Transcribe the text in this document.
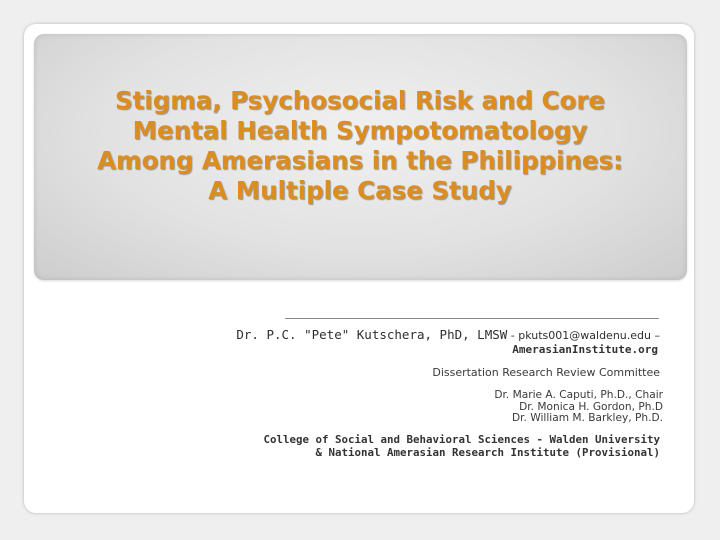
Stigma, Psychosocial Risk and Core
Mental Health Sympotomatology
Among Amerasians in the Philippines:
A Multiple Case Study

Dr. P.C. "Pete" Kutschera, PhD, LMSW - pkuts001@waldenu.edu –

AmerasianInstitute.org

Dissertation Research Review Committee

Dr. Marie A. Caputi, Ph.D., Chair
Dr. Monica H. Gordon, Ph.D
Dr. William M. Barkley, Ph.D.
College of Social and Behavioral Sciences - Walden University
& National Amerasian Research Institute (Provisional)
